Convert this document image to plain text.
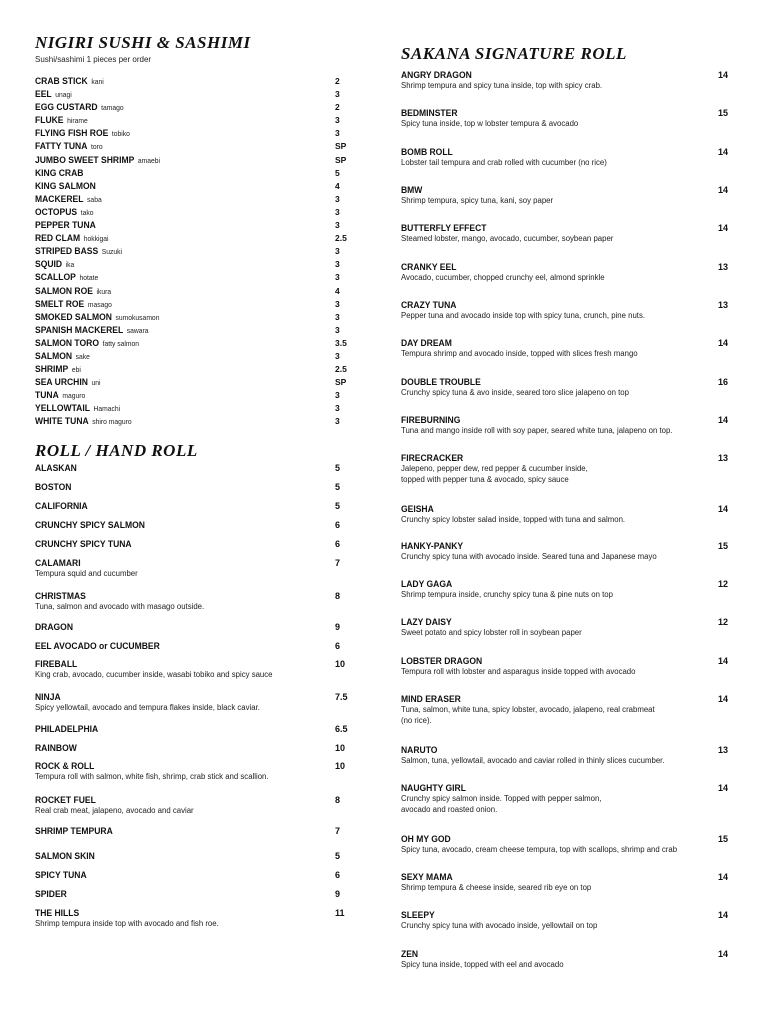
NIGIRI SUSHI & SASHIMI
Sushi/sashimi 1 pieces per order
CRAB STICK kani	2
EEL unagi	3
EGG CUSTARD tamago	2
FLUKE hirame	3
FLYING FISH ROE tobiko	3
FATTY TUNA toro	SP
JUMBO SWEET SHRIMP amaebi	SP
KING CRAB	5
KING SALMON	4
MACKEREL saba	3
OCTOPUS tako	3
PEPPER TUNA	3
RED CLAM hokkigai	2.5
STRIPED BASS Suzuki	3
SQUID ika	3
SCALLOP hotate	3
SALMON ROE ikura	4
SMELT ROE masago	3
SMOKED SALMON sumokusamon	3
SPANISH MACKEREL sawara	3
SALMON TORO fatty salmon	3.5
SALMON sake	3
SHRIMP ebi	2.5
SEA URCHIN uni	SP
TUNA maguro	3
YELLOWTAIL Hamachi	3
WHITE TUNA shiro maguro	3
ROLL / HAND ROLL
ALASKAN	5
BOSTON	5
CALIFORNIA	5
CRUNCHY SPICY SALMON	6
CRUNCHY SPICY TUNA	6
CALAMARI	7
Tempura squid and cucumber
CHRISTMAS	8
Tuna, salmon and avocado with masago outside.
DRAGON	9
EEL AVOCADO or CUCUMBER	6
FIREBALL	10
King crab, avocado, cucumber inside, wasabi tobiko and spicy sauce
NINJA	7.5
Spicy yellowtail, avocado and tempura flakes inside, black caviar.
PHILADELPHIA	6.5
RAINBOW	10
ROCK & ROLL	10
Tempura roll with salmon, white fish, shrimp, crab stick and scallion.
ROCKET FUEL	8
Real crab meat, jalapeno, avocado and caviar
SHRIMP TEMPURA	7
SALMON SKIN	5
SPICY TUNA	6
SPIDER	9
THE HILLS	11
Shrimp tempura inside top with avocado and fish roe.
SAKANA SIGNATURE ROLL
ANGRY DRAGON	14
Shrimp tempura and spicy tuna inside, top with spicy crab.
BEDMINSTER	15
Spicy tuna inside, top w lobster tempura & avocado
BOMB ROLL	14
Lobster tail tempura and crab rolled with cucumber (no rice)
BMW	14
Shrimp tempura, spicy tuna, kani, soy paper
BUTTERFLY EFFECT	14
Steamed lobster, mango, avocado, cucumber, soybean paper
CRANKY EEL	13
Avocado, cucumber, chopped crunchy eel, almond sprinkle
CRAZY TUNA	13
Pepper tuna and avocado inside top with spicy tuna, crunch, pine nuts.
DAY DREAM	14
Tempura shrimp and avocado inside, topped with slices fresh mango
DOUBLE TROUBLE	16
Crunchy spicy tuna & avo inside, seared toro slice jalapeno on top
FIREBURNING	14
Tuna and mango inside roll with soy paper, seared white tuna, jalapeno on top.
FIRECRACKER	13
Jalepeno, pepper dew, red pepper & cucumber inside,
topped with pepper tuna & avocado, spicy sauce
GEISHA	14
Crunchy spicy lobster salad inside, topped with tuna and salmon.
HANKY-PANKY	15
Crunchy spicy tuna with avocado inside. Seared tuna and Japanese mayo
LADY GAGA	12
Shrimp tempura inside, crunchy spicy tuna & pine nuts on top
LAZY DAISY	12
Sweet potato and spicy lobster roll in soybean paper
LOBSTER DRAGON	14
Tempura roll with lobster and asparagus inside topped with avocado
MIND ERASER	14
Tuna, salmon, white tuna, spicy lobster, avocado, jalapeno, real crabmeat
(no rice).
NARUTO	13
Salmon, tuna, yellowtail, avocado and caviar rolled in thinly slices cucumber.
NAUGHTY GIRL	14
Crunchy spicy salmon inside. Topped with pepper salmon,
avocado and roasted onion.
OH MY GOD	15
Spicy tuna, avocado, cream cheese tempura, top with scallops, shrimp and crab
SEXY MAMA	14
Shrimp tempura & cheese inside, seared rib eye on top
SLEEPY	14
Crunchy spicy tuna with avocado inside, yellowtail on top
ZEN	14
Spicy tuna inside, topped with eel and avocado
